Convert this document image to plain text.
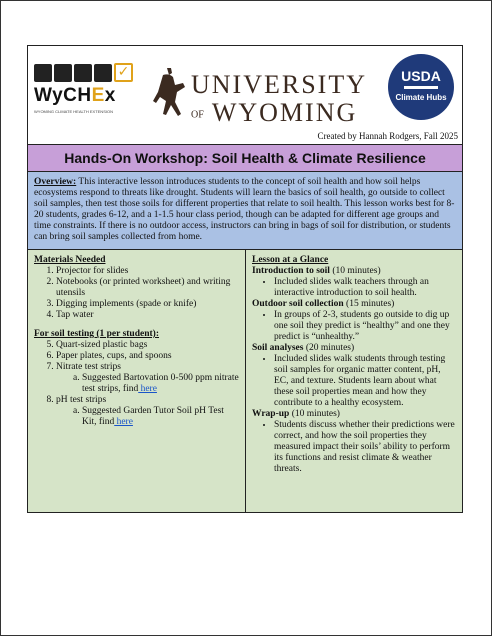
✓
WyCHEx
WYOMING CLIMATE HEALTH EXTENSION
UNIVERSITY
OF WYOMING
USDA
Climate Hubs
Created by Hannah Rodgers, Fall 2025
Hands-On Workshop: Soil Health & Climate Resilience
Overview: This interactive lesson introduces students to the concept of soil health and how soil helps ecosystems respond to threats like drought. Students will learn the basics of soil health, go outside to collect soil samples, then test those soils for different properties that relate to soil health. This lesson works best for 8-20 students, grades 6-12, and a 1-1.5 hour class period, though can be adapted for different age groups and time constraints. If there is no outdoor access, instructors can bring in bags of soil for distribution, or students can bring soil samples collected from home.
Materials Needed
1. Projector for slides
2. Notebooks (or printed worksheet) and writing utensils
3. Digging implements (spade or knife)
4. Tap water
For soil testing (1 per student):
5. Quart-sized plastic bags
6. Paper plates, cups, and spoons
7. Nitrate test strips
a. Suggested Bartovation 0-500 ppm nitrate test strips, find here
8. pH test strips
a. Suggested Garden Tutor Soil pH Test Kit, find here
Lesson at a Glance
Introduction to soil (10 minutes)
• Included slides walk teachers through an interactive introduction to soil health.
Outdoor soil collection (15 minutes)
• In groups of 2-3, students go outside to dig up one soil they predict is “healthy” and one they predict is “unhealthy.”
Soil analyses (20 minutes)
• Included slides walk students through testing soil samples for organic matter content, pH, EC, and texture. Students learn about what these soil properties mean and how they contribute to a healthy ecosystem.
Wrap-up (10 minutes)
• Students discuss whether their predictions were correct, and how the soil properties they measured impact their soils’ ability to perform its functions and resist climate & weather threats.
